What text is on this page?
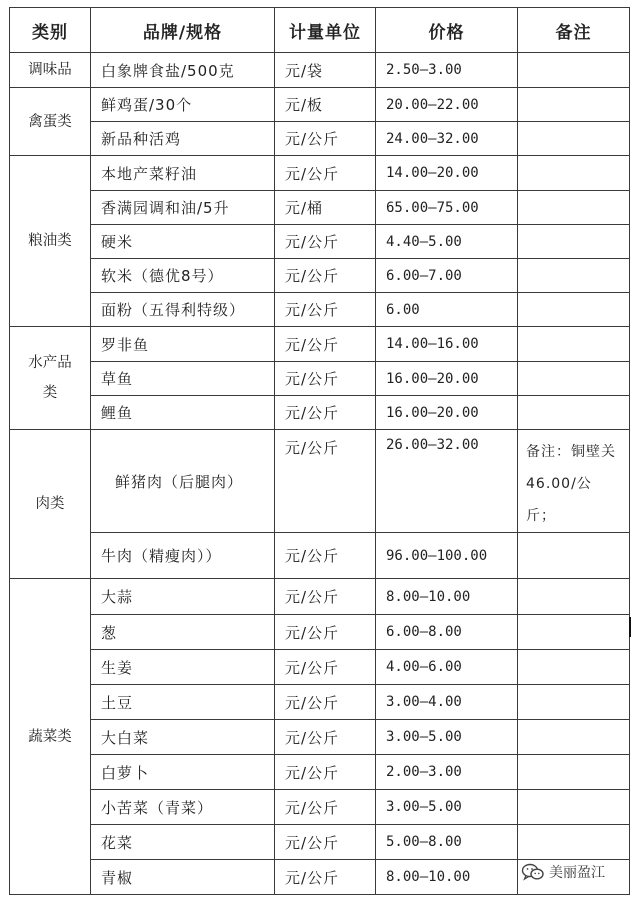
类别	品牌/规格	计量单位	价格	备注
调味品	白象牌食盐/500克	元/袋	2.50—3.00	
禽蛋类	鲜鸡蛋/30个	元/板	20.00—22.00	
	新品种活鸡	元/公斤	24.00—32.00	
粮油类	本地产菜籽油	元/公斤	14.00—20.00	
	香满园调和油/5升	元/桶	65.00—75.00	
	硬米	元/公斤	4.40—5.00	
	软米（德优8号）	元/公斤	6.00—7.00	
	面粉（五得利特级）	元/公斤	6.00	
水产品类	罗非鱼	元/公斤	14.00—16.00	
	草鱼	元/公斤	16.00—20.00	
	鲤鱼	元/公斤	16.00—20.00	
肉类	鲜猪肉（后腿肉）	元/公斤	26.00—32.00	备注：铜壁关46.00/公斤；
	牛肉（精瘦肉））	元/公斤	96.00—100.00	
蔬菜类	大蒜	元/公斤	8.00—10.00	
	葱	元/公斤	6.00—8.00	
	生姜	元/公斤	4.00—6.00	
	土豆	元/公斤	3.00—4.00	
	大白菜	元/公斤	3.00—5.00	
	白萝卜	元/公斤	2.00—3.00	
	小苦菜（青菜）	元/公斤	3.00—5.00	
	花菜	元/公斤	5.00—8.00	
	青椒	元/公斤	8.00—10.00		美丽盈江
